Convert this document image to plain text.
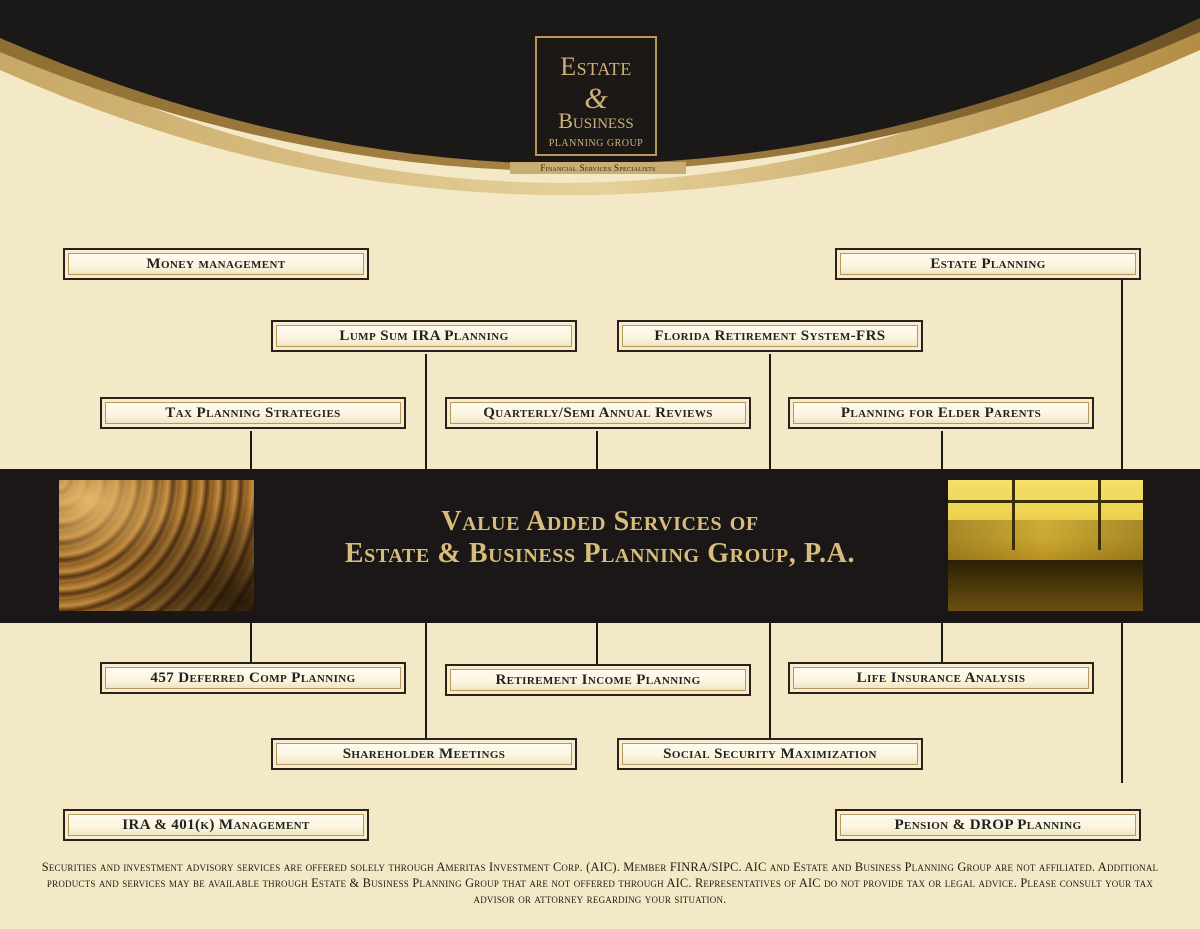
Estate
&
Business
PLANNING GROUP
Financial Services Specialists
Money management	Estate Planning
Lump Sum IRA Planning	Florida Retirement System-FRS
Tax Planning Strategies	Quarterly/Semi Annual Reviews	Planning for Elder Parents
Value Added Services of
Estate & Business Planning Group, P.A.
457 Deferred Comp Planning	Retirement Income Planning	Life Insurance Analysis
Shareholder Meetings	Social Security Maximization
IRA & 401(k) Management	Pension & DROP Planning
Securities and investment advisory services are offered solely through Ameritas Investment Corp. (AIC). Member FINRA/SIPC. AIC and Estate and Business Planning Group are not affiliated. Additional products and services may be available through Estate & Business Planning Group that are not offered through AIC. Representatives of AIC do not provide tax or legal advice. Please consult your tax advisor or attorney regarding your situation.
